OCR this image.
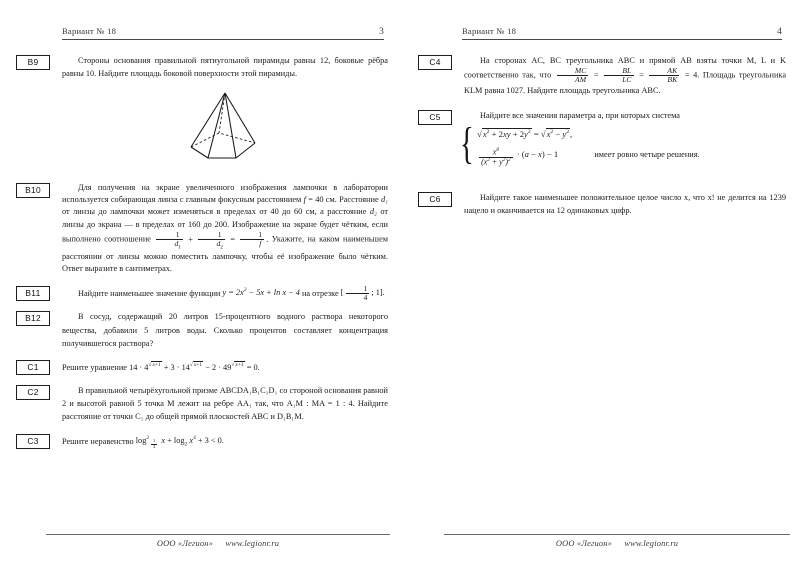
Вариант № 18	3
B9	Стороны основания правильной пятиугольной пирамиды равны 12, боковые рёбра равны 10. Найдите площадь боковой поверхности этой пирамиды.
B10	Для получения на экране увеличенного изображения лампочки в лаборатории используется собирающая линза с главным фокусным расстоянием f = 40 см. Расстояние d₁ от линзы до лампочки может изменяться в пределах от 40 до 60 см, а расстояние d₂ от линзы до экрана — в пределах от 160 до 200. Изображение на экране будет чётким, если выполнено соотношение $\frac{1}{d_1} + \frac{1}{d_2} = \frac{1}{f}$ . Укажите, на каком наименьшем расстоянии от линзы можно поместить лампочку, чтобы её изображение было чётким. Ответ выразите в сантиметрах.
B11	Найдите наименьшее значение функции $y = 2x^2 - 5x + \ln x - 4$ на отрезке [ $\frac{1}{4}$ ; 1].
B12	В сосуд, содержащий 20 литров 15-процентного водного раствора некоторого вещества, добавили 5 литров воды. Сколько процентов составляет концентрация получившегося раствора?
C1	Решите уравнение $14 \cdot 4^{√x+1} + 3 \cdot 14^{√x+1} - 2 \cdot 49^{√x+1} = 0$.
C2	В правильной четырёхугольной призме ABCDA₁B₁C₁D₁ со стороной основания равной 2 и высотой равной 5 точка M лежит на ребре AA₁ так, что A₁M : MA = 1 : 4. Найдите расстояние от точки C₁ до общей прямой плоскостей ABC и D₁B₁M.
C3	Решите неравенство $\log^2$
$_{\frac{1}{2}}$ $x + \log_2 x^4 + 3 < 0$.
ООО «Легион» www.legionr.ru
Вариант № 18	4
C4	На сторонах AC, BC треугольника ABC и прямой AB взяты точки M, L и K соответственно так, что $\frac{MC}{AM} = \frac{BL}{LC} = \frac{AK}{BK} = 4$. Площадь треугольника KLM равна 1027. Найдите площадь треугольника ABC.
C5	Найдите все значения параметра a, при которых система
{ $√x^2 + 2xy + 2y^2 = √x^2 - y^2$,
$\frac{x^8}{(x^2 + y^2)^2} \cdot (a - x) - 1$	имеет ровно четыре решения.
C6	Найдите такое наименьшее положительное целое число x, что x! не делится на 1239 нацело и оканчивается на 12 одинаковых цифр.
ООО «Легион» www.legionr.ru
